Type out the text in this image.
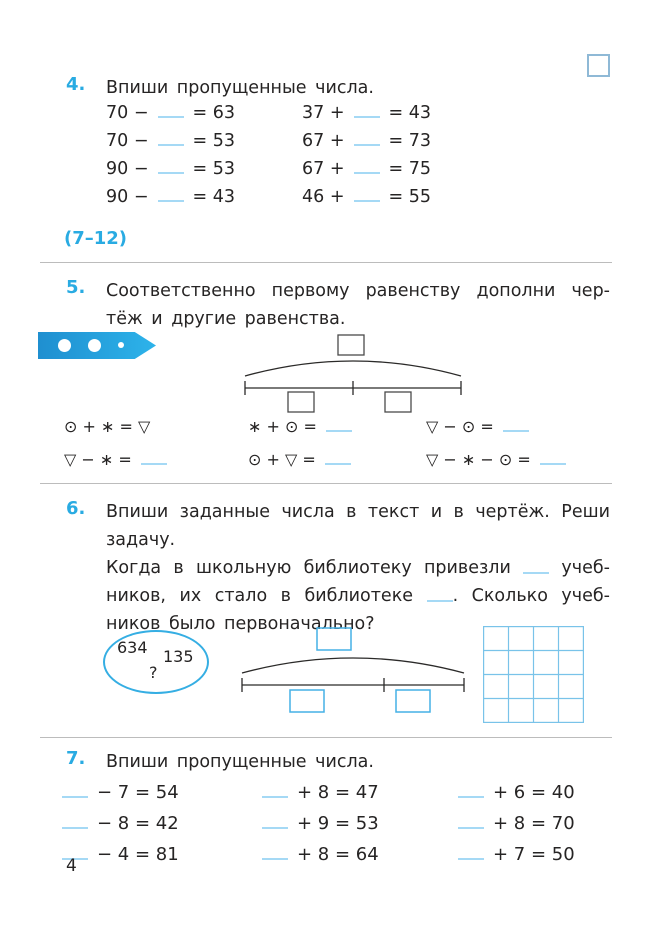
4. Впиши пропущенные числа.
70 −	= 63	37 +	= 43
70 −	= 53	67 +	= 73
90 −	= 53	67 +	= 75
90 −	= 43	46 +	= 55
(7–12)
5. Соответственно первому равенству дополни чер-
тёж и другие равенства.
⊙ + ∗ = ▽	∗ + ⊙ =	▽ − ⊙ =
▽ − ∗ =	⊙ + ▽ =	▽ − ∗ − ⊙ =
6. Впиши заданные числа в текст и в чертёж. Реши
задачу.
Когда в школьную библиотеку привезли	учеб-
ников, их стало в библиотеке . Сколько учеб-
ников было первоначально?
634 135
?
7. Впиши пропущенные числа.
− 7 = 54	+ 8 = 47	+ 6 = 40
− 8 = 42	+ 9 = 53	+ 8 = 70
− 4 = 81	+ 8 = 64	+ 7 = 50
4
